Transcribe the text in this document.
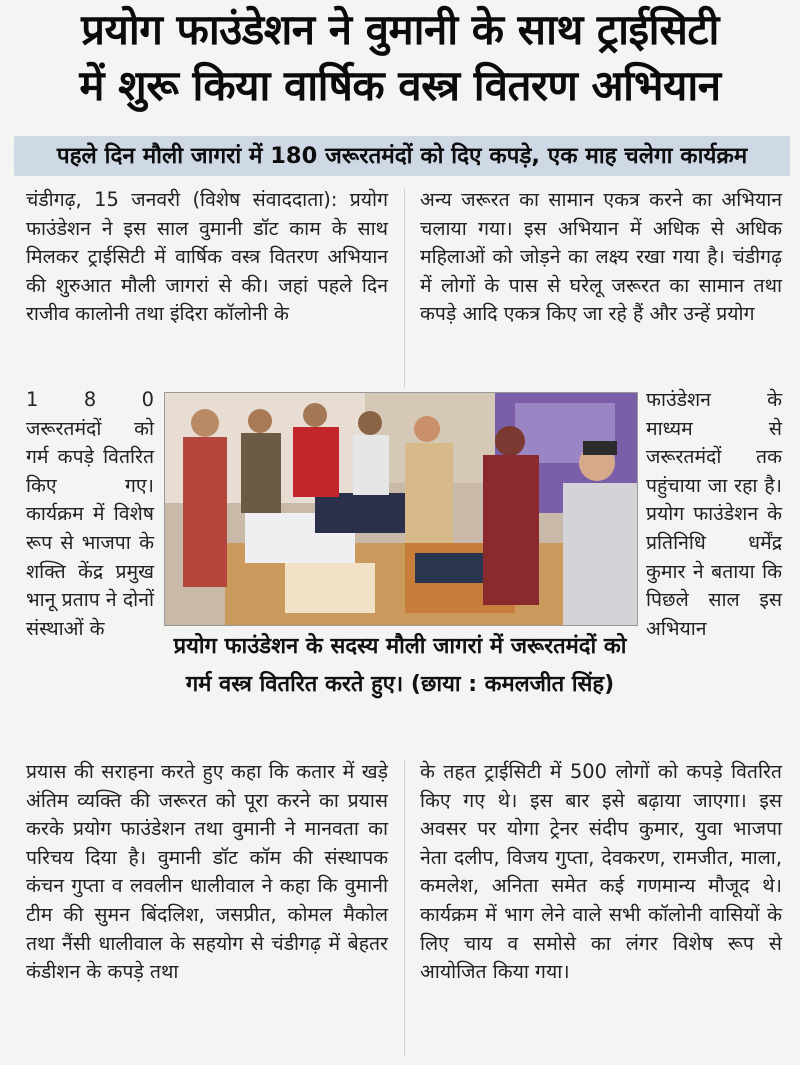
प्रयोग फाउंडेशन ने वुमानी के साथ ट्राईसिटी
में शुरू किया वार्षिक वस्त्र वितरण अभियान
पहले दिन मौली जागरां में 180 जरूरतमंदों को दिए कपड़े, एक माह चलेगा कार्यक्रम

चंडीगढ़, 15 जनवरी (विशेष संवाददाता): प्रयोग फाउंडेशन ने इस साल वुमानी डॉट काम के साथ मिलकर ट्राईसिटी में वार्षिक वस्त्र वितरण अभियान की शुरुआत मौली जागरां से की। जहां पहले दिन राजीव कालोनी तथा इंदिरा कॉलोनी के

अन्य जरूरत का सामान एकत्र करने का अभियान चलाया गया। इस अभियान में अधिक से अधिक महिलाओं को जोड़ने का लक्ष्य रखा गया है। चंडीगढ़ में लोगों के पास से घरेलू जरूरत का सामान तथा कपड़े आदि एकत्र किए जा रहे हैं और उन्हें प्रयोग

1 8 0 जरूरतमंदों को गर्म कपड़े वितरित किए गए। कार्यक्रम में विशेष रूप से भाजपा के शक्ति केंद्र प्रमुख भानू प्रताप ने दोनों संस्थाओं के

फाउंडेशन के माध्यम से जरूरतमंदों तक पहुंचाया जा रहा है। प्रयोग फाउंडेशन के प्रतिनिधि धर्मेंद्र कुमार ने बताया कि पिछले साल इस अभियान

प्रयोग फाउंडेशन के सदस्य मौली जागरां में जरूरतमंदों को गर्म वस्त्र वितरित करते हुए। (छाया : कमलजीत सिंह)

प्रयास की सराहना करते हुए कहा कि कतार में खड़े अंतिम व्यक्ति की जरूरत को पूरा करने का प्रयास करके प्रयोग फाउंडेशन तथा वुमानी ने मानवता का परिचय दिया है। वुमानी डॉट कॉम की संस्थापक कंचन गुप्ता व लवलीन धालीवाल ने कहा कि वुमानी टीम की सुमन बिंदलिश, जसप्रीत, कोमल मैकोल तथा नैंसी धालीवाल के सहयोग से चंडीगढ़ में बेहतर कंडीशन के कपड़े तथा

के तहत ट्राईसिटी में 500 लोगों को कपड़े वितरित किए गए थे। इस बार इसे बढ़ाया जाएगा। इस अवसर पर योगा ट्रेनर संदीप कुमार, युवा भाजपा नेता दलीप, विजय गुप्ता, देवकरण, रामजीत, माला, कमलेश, अनिता समेत कई गणमान्य मौजूद थे। कार्यक्रम में भाग लेने वाले सभी कॉलोनी वासियों के लिए चाय व समोसे का लंगर विशेष रूप से आयोजित किया गया।
